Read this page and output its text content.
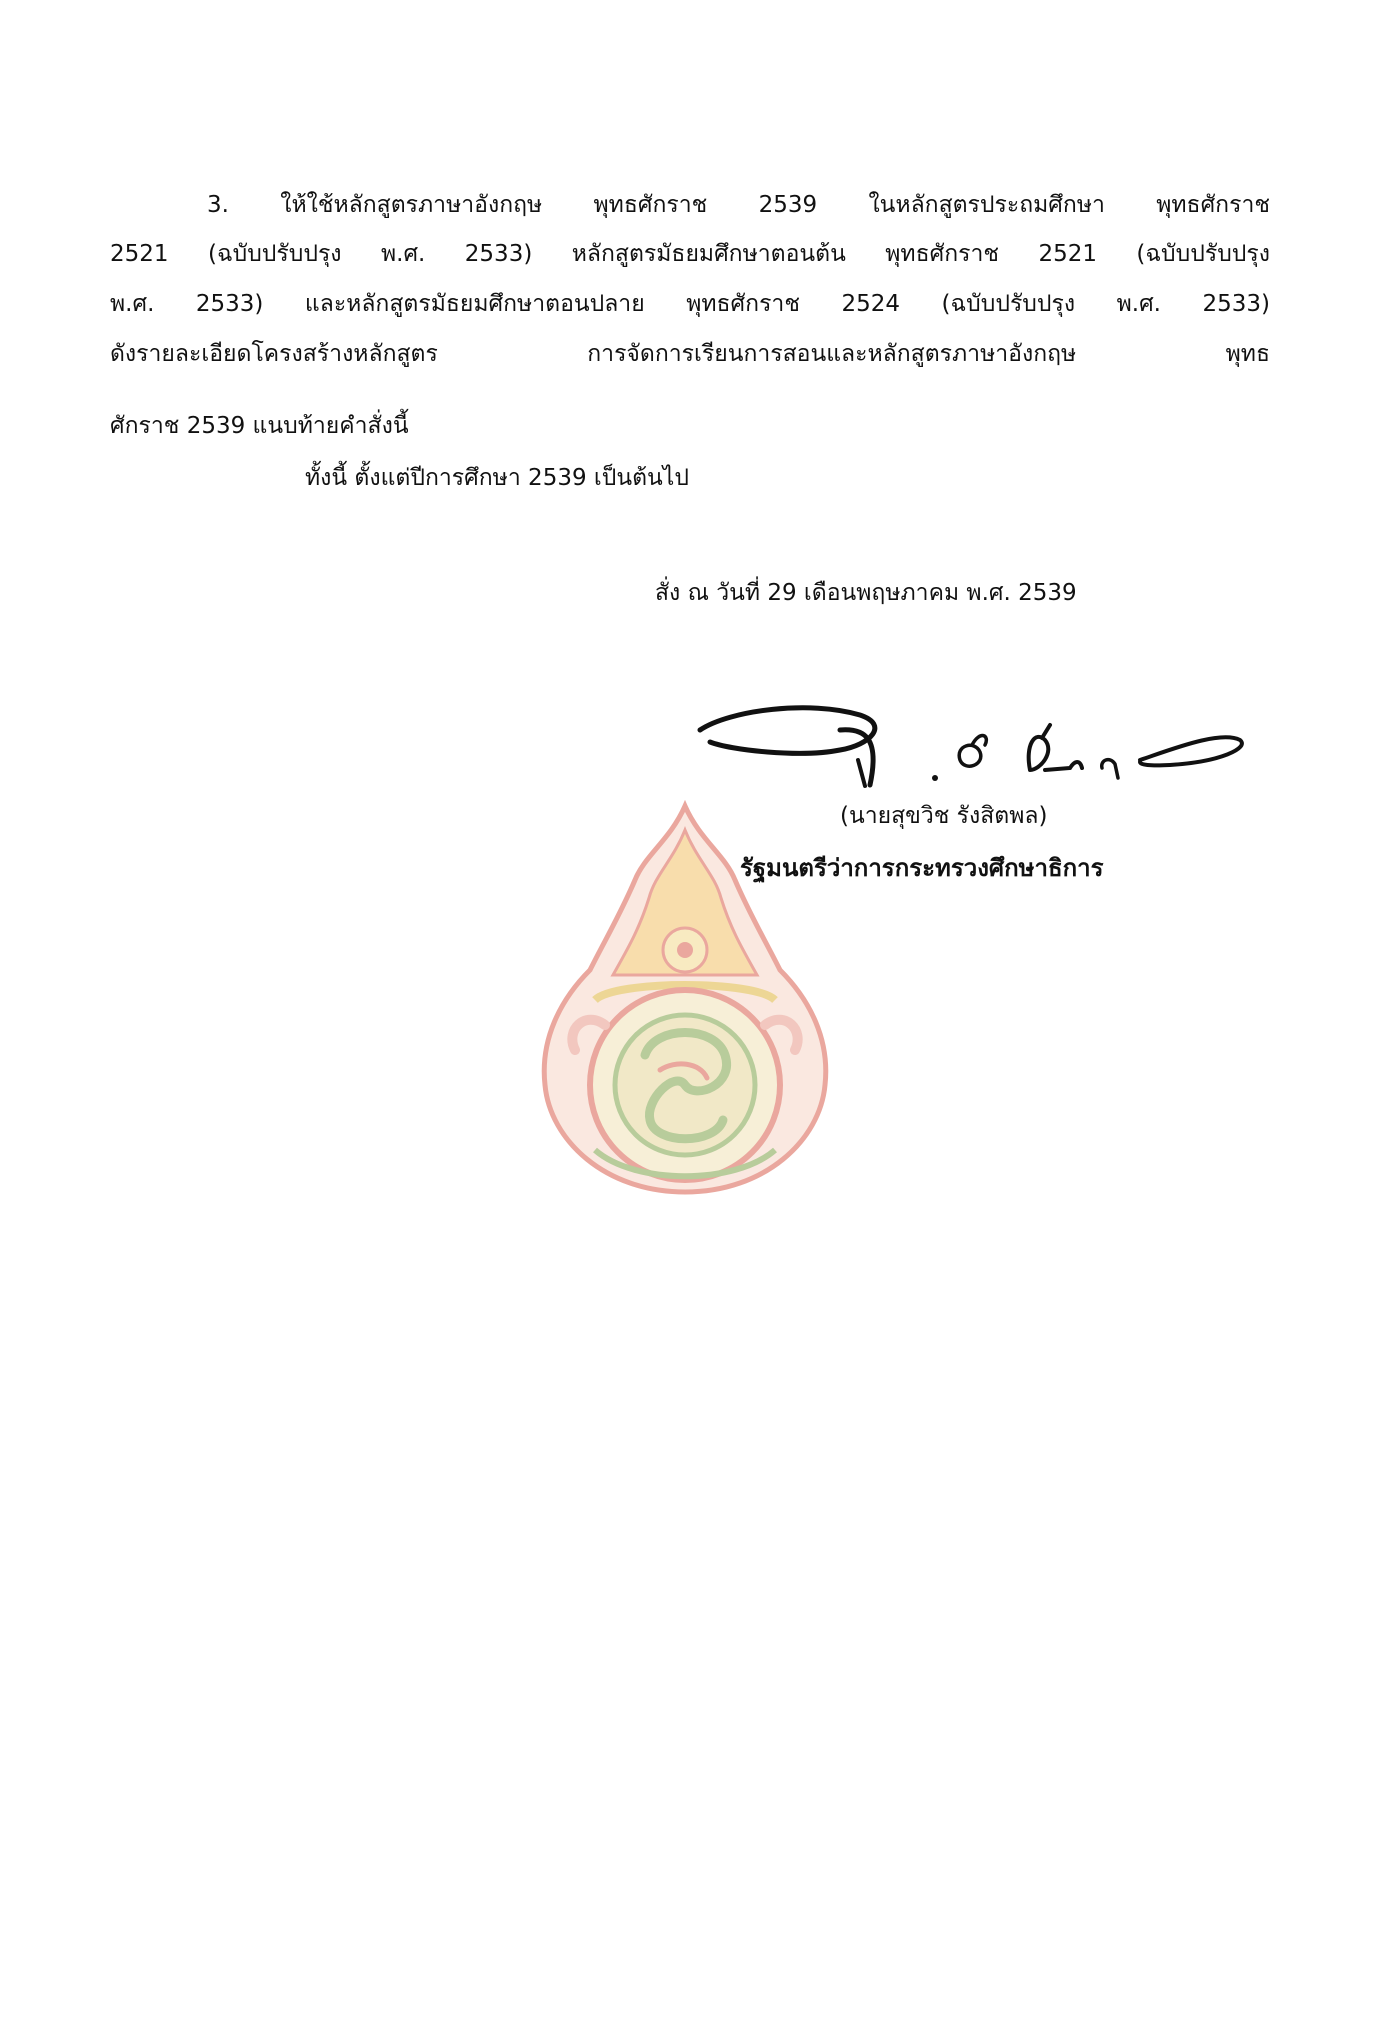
3. ให้ใช้หลักสูตรภาษาอังกฤษ พุทธศักราช 2539 ในหลักสูตรประถมศึกษา พุทธศักราช
2521 (ฉบับปรับปรุง พ.ศ. 2533) หลักสูตรมัธยมศึกษาตอนต้น พุทธศักราช 2521 (ฉบับปรับปรุง
พ.ศ. 2533) และหลักสูตรมัธยมศึกษาตอนปลาย พุทธศักราช 2524 (ฉบับปรับปรุง พ.ศ. 2533)
ดังรายละเอียดโครงสร้างหลักสูตร การจัดการเรียนการสอนและหลักสูตรภาษาอังกฤษ พุทธ
ศักราช 2539 แนบท้ายคำสั่งนี้
ทั้งนี้ ตั้งแต่ปีการศึกษา 2539 เป็นต้นไป
สั่ง ณ วันที่ 29 เดือนพฤษภาคม พ.ศ. 2539
(นายสุขวิช รังสิตพล)
รัฐมนตรีว่าการกระทรวงศึกษาธิการ
